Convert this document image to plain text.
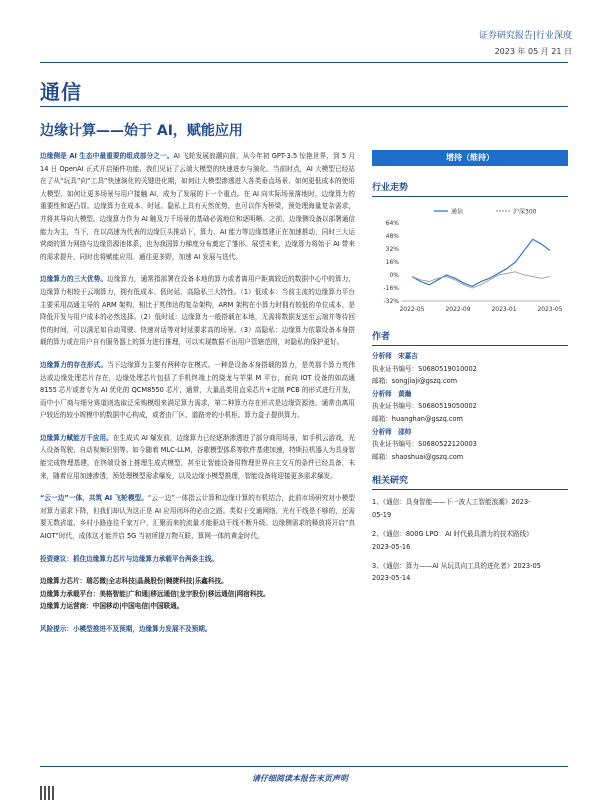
证券研究报告|行业深度
2023 年 05 月 21 日
通信
边缘计算——始于 AI，赋能应用

边缘侧是 AI 生态中最重要的组成部分之一。AI 飞轮发展浪潮向前，从今年初 GPT-3.5 惊艳世界，到 5 月 14 日 OpenAI 正式开启插件功能，我们见证了云端大模型的快速进步与演化。当前时点，AI 大模型已经站在了从“玩具”向“工具”快速演化的关键进化期，如何让大模型渗透进入各类垂直场景、如何更低成本的使用大模型、如何让更多场景与用户接触 AI，成为了发展的下一个重点。在 AI 向实际场景落地时，边缘算力的重要性和逐凸显。边缘算力在成本、时延、隐私上具有天然优势，也可以作为桥梁，预处理海量复杂需求，并将其导向大模型。边缘算力作为 AI 触及万千场景的基础必需地位和逐明晰。之前，边缘侧设备以部署通信能力为主，当下，在以高速为代表的边缘巨头推动下，算力、AI 能力等边缘基建正在加速推动，同时三大运营商的算力网络与边缘资源池体系，也为我国算力梯度分布奠定了雏形。展望未来，边缘算力将始于 AI 带来的需求提升，同时也将赋能应用。通往更多野，加速 AI 发展与迭代。

边缘算力的三大优势。边缘算力，通常指部署在设备本地的算力或者离用户距离较近的数据中心中的算力，边缘算力相较于云端算力，拥有低成本、低时延、高隐私三大特性。（1）低成本：当前主流的边缘算力平台主要采用高通主导的 ARM 架构，相比于英伟达的复杂架构，ARM 架构在小算力时拥有较低的单位成本，是降低开发与用户成本的必然选择。（2）低时延：边缘算力一般搭载在本地，无需将数据发送至云端并等待回传的时间，可以满足如自动驾驶、快速对话等对时延要求高的场景。（3）高隐私：边缘算力依靠设备本身搭载的算力或在用户自有服务器上的算力进行推理，可以实现数据不出用户管辖范围，对隐私的保护更好。

边缘算力的存在形式。当下边缘算力主要有两种存在模式。一种是设备本身搭载的算力，是英那个算力英伟达或边缘处理芯片存在，边缘处理芯片包括了手机终端上的骁龙与苹果 M 平台，面向 IOT 设备的如高通 8155 芯片或者专为 AI 优化的 QCM8550 芯片，通常，大量品类用直采芯片+定制 PCB 的形式进行开发，而中小厂商与细分赛道则选取泛采购模组来满足算力需求，第二种算力存在形式是边缘资源池，通常由离用户较近的较小规模中的数据中心构成，或者由厂区、道路旁的小机柜、算力盒子提供算力。

边缘算力赋能万千应用。在生成式 AI 爆发前，边缘算力已经逐渐渗透进了部分商用场景，如手机云游戏，光人设备驾驶、自动视频识别等。如今随着 MLC-LLM，谷歌模型体系等软件基建加速，特斯拉机器人为具身智能完成物理基建，在终端设备上推理生成式模型，甚至让智能设备用物理世界自主交互的条件已经具备，未来，随着应用加速渗透，预处理模型需求爆发，以及边缘小模型推理，智能设备将迎接更多需求爆发。

“云一边”一体，共筑 AI 飞轮模型。“云一边”一体指云计算和边缘计算的有机结合，此前市场研究对小模型对算力需求下降，但我们却认为这正是 AI 应用闭环的必由之路。类似于交通网络，光有干线是不够的，还需要无数省道、乡村小路连往千家万户，汇聚而来的流量才能驱动干线不断升级。边缘侧需求的释放将开启“真 AIOT”时代，成体这才能并启 5G 当初所提万物互联、算网一体的黄金时代。

投资建议：抓住边缘算力芯片与边缘算力承载平台两条主线。

边缘算力芯片：瑞芯微|全志科技|晶晨股份|翱捷科技|乐鑫科技。
边缘算力承载平台：美格智能|广和通|移远通信|龙宇股份|移远通信|网宿科技。
边缘算力运营商：中国移动|中国电信|中国联通。

风险提示：小模型推进不及预期，边缘算力发展不及预期。

增持（维持）
行业走势
64%
48%
32%
16%
0%
-16%
-32%
2022-05	2022-09	2023-01	2023-05
通信	沪深300
作者
分析师 宋嘉吉
执业证书编号：S0680519010002
邮箱：songjiaji@gszq.com
分析师 黄瀚
执业证书编号：S0680519050002
邮箱：huanghan@gszq.com
分析师 邵帅
执业证书编号：S0680522120003
邮箱：shaoshuai@gszq.com
相关研究
1、《通信：具身智能——下一波人工智能浪潮》2023-
05-19
2、《通信：800G LPO：AI 时代最具潜力的技术路线》
2023-05-16
3、《通信：算力——AI 从玩具向工具的进化者》2023-05
2023-05-14
请仔细阅读本报告末页声明
